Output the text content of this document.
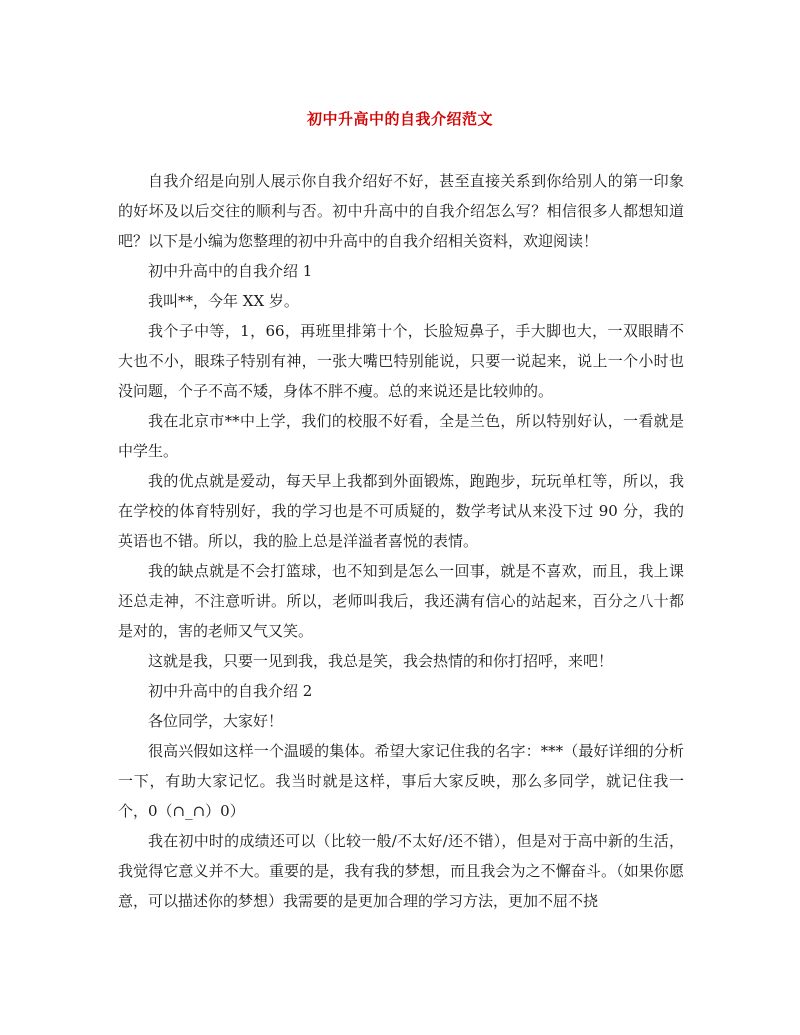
初中升高中的自我介绍范文

自我介绍是向别人展示你自我介绍好不好，甚至直接关系到你给别人的第一印象的好坏及以后交往的顺利与否。初中升高中的自我介绍怎么写？相信很多人都想知道吧？以下是小编为您整理的初中升高中的自我介绍相关资料，欢迎阅读！

初中升高中的自我介绍 1

我叫**，今年 XX 岁。

我个子中等，1，66，再班里排第十个，长脸短鼻子，手大脚也大，一双眼睛不大也不小，眼珠子特别有神，一张大嘴巴特别能说，只要一说起来，说上一个小时也没问题，个子不高不矮，身体不胖不瘦。总的来说还是比较帅的。

我在北京市**中上学，我们的校服不好看，全是兰色，所以特别好认，一看就是中学生。

我的优点就是爱动，每天早上我都到外面锻炼，跑跑步，玩玩单杠等，所以，我在学校的体育特别好，我的学习也是不可质疑的，数学考试从来没下过 90 分，我的英语也不错。所以，我的脸上总是洋溢者喜悦的表情。

我的缺点就是不会打篮球，也不知到是怎么一回事，就是不喜欢，而且，我上课还总走神，不注意听讲。所以，老师叫我后，我还满有信心的站起来，百分之八十都是对的，害的老师又气又笑。

这就是我，只要一见到我，我总是笑，我会热情的和你打招呼，来吧！

初中升高中的自我介绍 2

各位同学，大家好！

很高兴假如这样一个温暖的集体。希望大家记住我的名字：***（最好详细的分析一下，有助大家记忆。我当时就是这样，事后大家反映，那么多同学，就记住我一个，0（∩_∩）0）

我在初中时的成绩还可以（比较一般/不太好/还不错），但是对于高中新的生活，我觉得它意义并不大。重要的是，我有我的梦想，而且我会为之不懈奋斗。（如果你愿意，可以描述你的梦想）我需要的是更加合理的学习方法，更加不屈不挠
